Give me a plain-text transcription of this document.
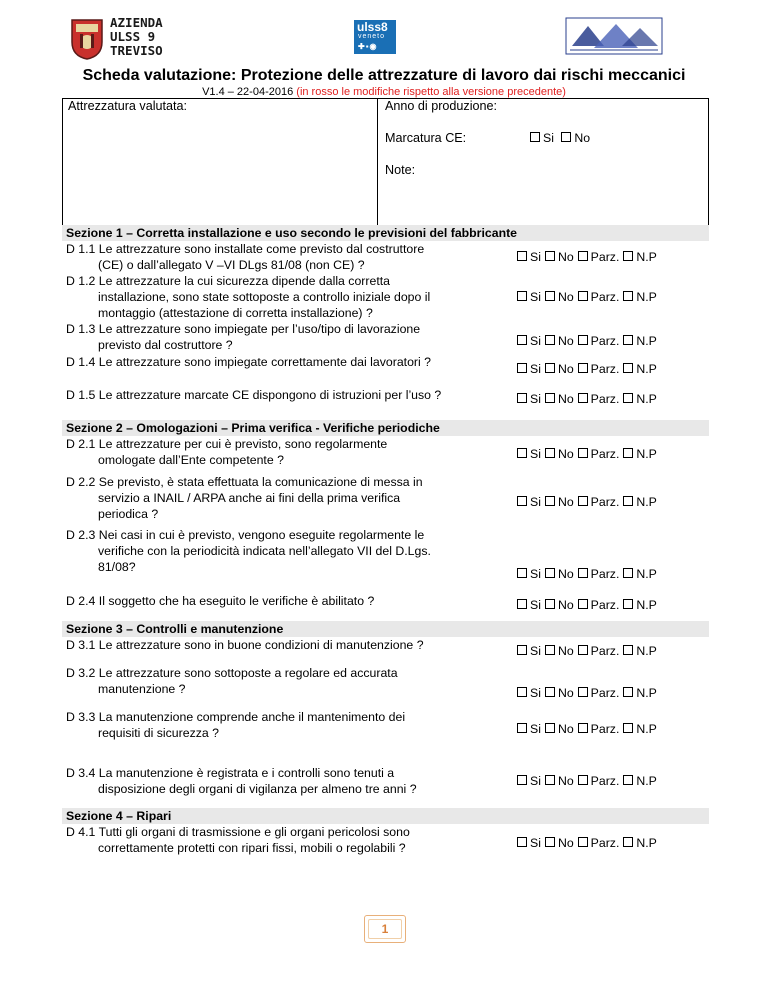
AZIENDA
ULSS 9
TREVISO
ulss8
veneto
✚▪◉
Scheda valutazione: Protezione delle attrezzature di lavoro dai rischi meccanici
V1.4 – 22-04-2016 (in rosso le modifiche rispetto alla versione precedente)
Attrezzatura valutata:	Anno di produzione:
Marcatura CE:	Si No
Note:
Sezione 1 – Corretta installazione e uso secondo le previsioni del fabbricante
Sezione 2 – Omologazioni – Prima verifica - Verifiche periodiche
Sezione 3 – Controlli e manutenzione
Sezione 4 – Ripari
D 1.1 Le attrezzature sono installate come previsto dal costruttore
(CE) o dall’allegato V –VI DLgs 81/08 (non CE) ?
Si No Parz. N.P
D 1.2 Le attrezzature la cui sicurezza dipende dalla corretta
installazione, sono state sottoposte a controllo iniziale dopo il
montaggio (attestazione di corretta installazione) ?
Si No Parz. N.P
D 1.3 Le attrezzature sono impiegate per l’uso/tipo di lavorazione
previsto dal costruttore ?	Si No Parz. N.P
D 1.4 Le attrezzature sono impiegate correttamente dai lavoratori ?	Si No Parz. N.P
D 1.5 Le attrezzature marcate CE dispongono di istruzioni per l’uso ?	Si No Parz. N.P
D 2.1 Le attrezzature per cui è previsto, sono regolarmente
omologate dall’Ente competente ?	Si No Parz. N.P
D 2.2 Se previsto, è stata effettuata la comunicazione di messa in
servizio a INAIL / ARPA anche ai fini della prima verifica
periodica ?
Si No Parz. N.P
D 2.3 Nei casi in cui è previsto, vengono eseguite regolarmente le
verifiche con la periodicità indicata nell’allegato VII del D.Lgs.
81/08?	Si No Parz. N.P
D 2.4 Il soggetto che ha eseguito le verifiche è abilitato ?	Si No Parz. N.P
D 3.1 Le attrezzature sono in buone condizioni di manutenzione ?	Si No Parz. N.P
D 3.2 Le attrezzature sono sottoposte a regolare ed accurata
manutenzione ?	Si No Parz. N.P
D 3.3 La manutenzione comprende anche il mantenimento dei
requisiti di sicurezza ?	Si No Parz. N.P
D 3.4 La manutenzione è registrata e i controlli sono tenuti a
disposizione degli organi di vigilanza per almeno tre anni ?
Si No Parz. N.P
D 4.1 Tutti gli organi di trasmissione e gli organi pericolosi sono
correttamente protetti con ripari fissi, mobili o regolabili ?	Si No Parz. N.P
1
